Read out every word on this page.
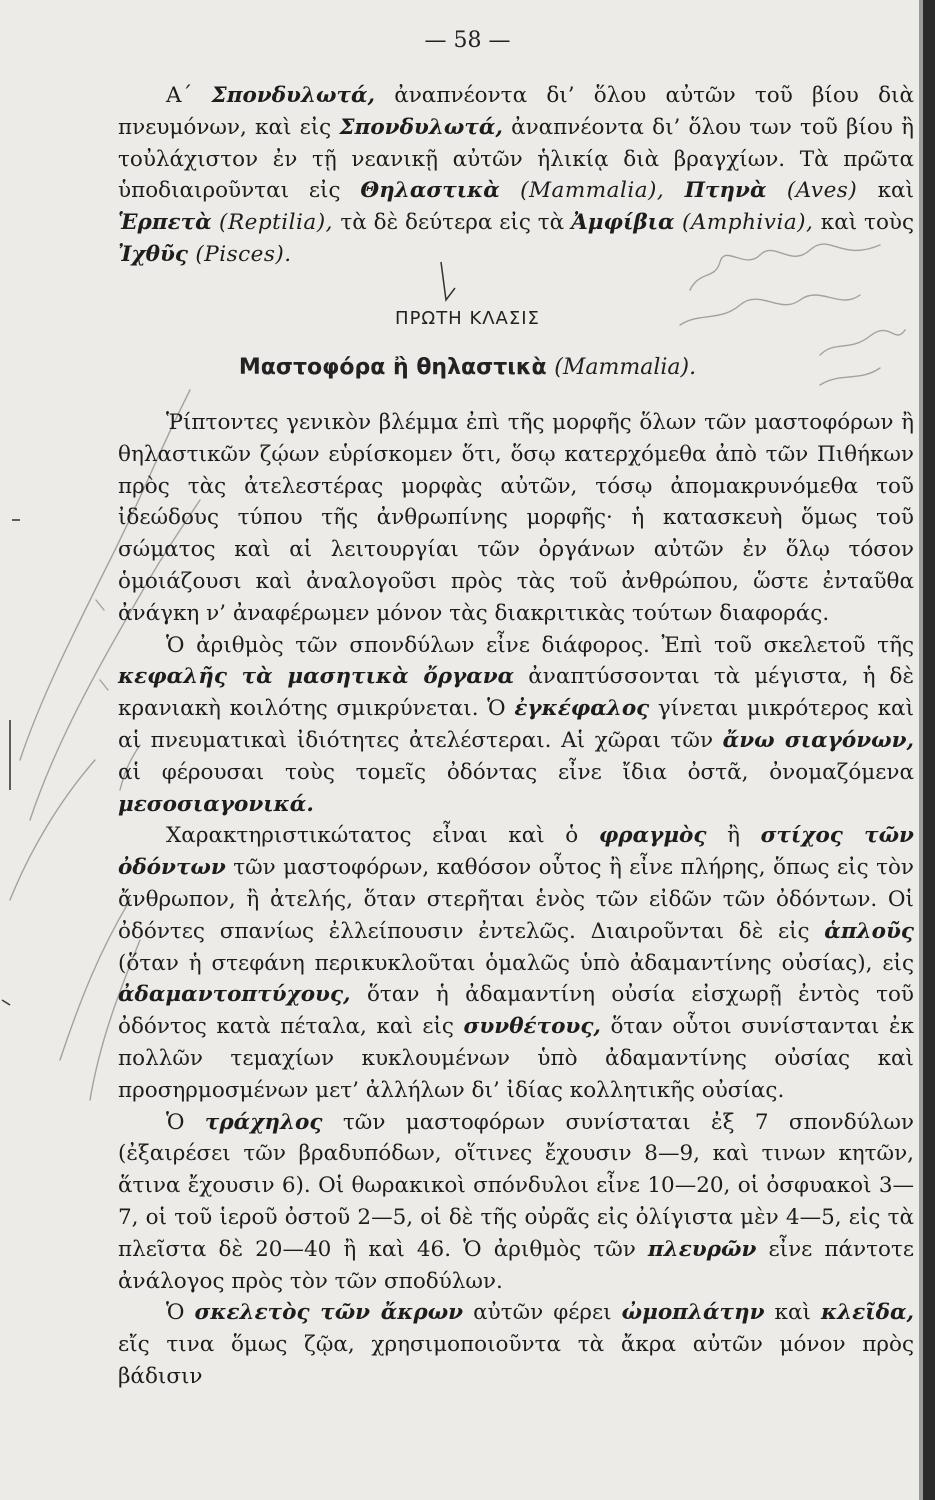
— 58 —

Α΄ Σπονδυλωτά, ἀναπνέοντα δι’ ὅλου αὐτῶν τοῦ βίου διὰ πνευμόνων, καὶ εἰς Σπονδυλωτά, ἀναπνέοντα δι’ ὅλου των τοῦ βίου ἢ τοὐλάχιστον ἐν τῇ νεανικῇ αὐτῶν ἡλικίᾳ διὰ βραγχίων. Τὰ πρῶτα ὑποδιαιροῦνται εἰς Θηλαστικὰ (Mammalia), Πτηνὰ (Aves) καὶ Ἑρπετὰ (Reptilia), τὰ δὲ δεύτερα εἰς τὰ Ἀμφίβια (Amphivia), καὶ τοὺς Ἰχθῦς (Pisces).

ΠΡΩΤΗ ΚΛΑΣΙΣ
Μαστοφόρα ἢ θηλαστικὰ (Mammalia).

Ῥίπτοντες γενικὸν βλέμμα ἐπὶ τῆς μορφῆς ὅλων τῶν μαστοφόρων ἢ θηλαστικῶν ζῴων εὑρίσκομεν ὅτι, ὅσῳ κατερχόμεθα ἀπὸ τῶν Πιθήκων πρὸς τὰς ἀτελεστέρας μορφὰς αὐτῶν, τόσῳ ἀπομακρυνόμεθα τοῦ ἰδεώδους τύπου τῆς ἀνθρωπίνης μορφῆς· ἡ κατασκευὴ ὅμως τοῦ σώματος καὶ αἱ λειτουργίαι τῶν ὀργάνων αὐτῶν ἐν ὅλῳ τόσον ὁμοιάζουσι καὶ ἀναλογοῦσι πρὸς τὰς τοῦ ἀνθρώπου, ὥστε ἐνταῦθα ἀνάγκη ν’ ἀναφέρωμεν μόνον τὰς διακριτικὰς τούτων διαφοράς.

Ὁ ἀριθμὸς τῶν σπονδύλων εἶνε διάφορος. Ἐπὶ τοῦ σκελετοῦ τῆς κεφαλῆς τὰ μασητικὰ ὄργανα ἀναπτύσσονται τὰ μέγιστα, ἡ δὲ κρανιακὴ κοιλότης σμικρύνεται. Ὁ ἐγκέφαλος γίνεται μικρότερος καὶ αἱ πνευματικαὶ ἰδιότητες ἀτελέστεραι. Αἱ χῶραι τῶν ἄνω σιαγόνων, αἱ φέρουσαι τοὺς τομεῖς ὀδόντας εἶνε ἴδια ὀστᾶ, ὀνομαζόμενα μεσοσιαγονικά.

Χαρακτηριστικώτατος εἶναι καὶ ὁ φραγμὸς ἢ στίχος τῶν ὀδόντων τῶν μαστοφόρων, καθόσον οὗτος ἢ εἶνε πλήρης, ὅπως εἰς τὸν ἄνθρωπον, ἢ ἀτελής, ὅταν στερῆται ἑνὸς τῶν εἰδῶν τῶν ὀδόντων. Οἱ ὀδόντες σπανίως ἐλλείπουσιν ἐντελῶς. Διαιροῦνται δὲ εἰς ἁπλοῦς (ὅταν ἡ στεφάνη περικυκλοῦται ὁμαλῶς ὑπὸ ἀδαμαντίνης οὐσίας), εἰς ἀδαμαντοπτύχους, ὅταν ἡ ἀδαμαντίνη οὐσία εἰσχωρῇ ἐντὸς τοῦ ὀδόντος κατὰ πέταλα, καὶ εἰς συνθέτους, ὅταν οὗτοι συνίστανται ἐκ πολλῶν τεμαχίων κυκλουμένων ὑπὸ ἀδαμαντίνης οὐσίας καὶ προσηρμοσμένων μετ’ ἀλλήλων δι’ ἰδίας κολλητικῆς οὐσίας.

Ὁ τράχηλος τῶν μαστοφόρων συνίσταται ἐξ 7 σπονδύλων (ἐξαιρέσει τῶν βραδυπόδων, οἵτινες ἔχουσιν 8—9, καὶ τινων κητῶν, ἅτινα ἔχουσιν 6). Οἱ θωρακικοὶ σπόνδυλοι εἶνε 10—20, οἱ ὀσφυακοὶ 3—7, οἱ τοῦ ἱεροῦ ὀστοῦ 2—5, οἱ δὲ τῆς οὐρᾶς εἰς ὀλίγιστα μὲν 4—5, εἰς τὰ πλεῖστα δὲ 20—40 ἢ καὶ 46. Ὁ ἀριθμὸς τῶν πλευρῶν εἶνε πάντοτε ἀνάλογος πρὸς τὸν τῶν σποδύλων.

Ὁ σκελετὸς τῶν ἄκρων αὐτῶν φέρει ὠμοπλάτην καὶ κλεῖδα, εἴς τινα ὅμως ζῷα, χρησιμοποιοῦντα τὰ ἄκρα αὐτῶν μόνον πρὸς βάδισιν
